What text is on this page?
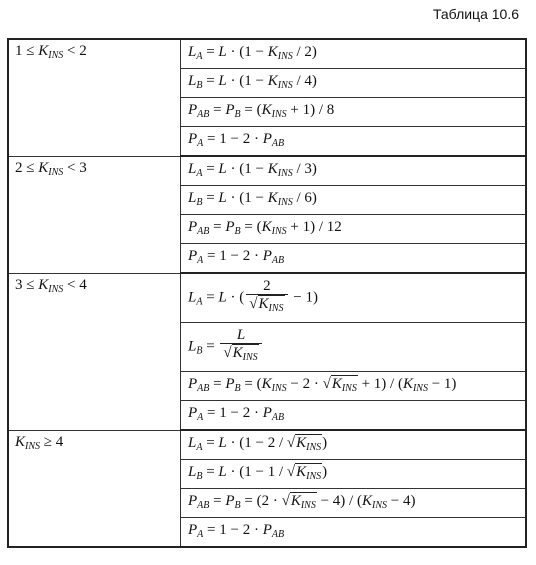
Таблица 10.6
$1 \le K_{INS} < 2$	$L_A = L \cdot (1 - K_{INS} / 2)$
	$L_B = L \cdot (1 - K_{INS} / 4)$
	$P_{AB} = P_B = (K_{INS} + 1) / 8$
	$P_A = 1 - 2 \cdot P_{AB}$
$2 \le K_{INS} < 3$	$L_A = L \cdot (1 - K_{INS} / 3)$
	$L_B = L \cdot (1 - K_{INS} / 6)$
	$P_{AB} = P_B = (K_{INS} + 1) / 12$
	$P_A = 1 - 2 \cdot P_{AB}$
$3 \le K_{INS} < 4$	$L_A = L$ · ( $\frac{2}{√K_{INS}} - 1$)
	$L_B = \frac{L}{√K_{INS}}$

	$P_{AB} = P_B = (K_{INS} - 2 \cdot √K_{INS} + 1) / (K_{INS} - 1)$
	$P_A = 1 - 2 \cdot P_{AB}$
$K_{INS} \ge 4$	$L_A = L \cdot (1 - 2 / √K_{INS})$
	$L_B = L \cdot (1 - 1 / √K_{INS})$
	$P_{AB} = P_B = (2 \cdot √K_{INS} - 4) / (K_{INS} - 4)$
	$P_A = 1 - 2 \cdot P_{AB}$
